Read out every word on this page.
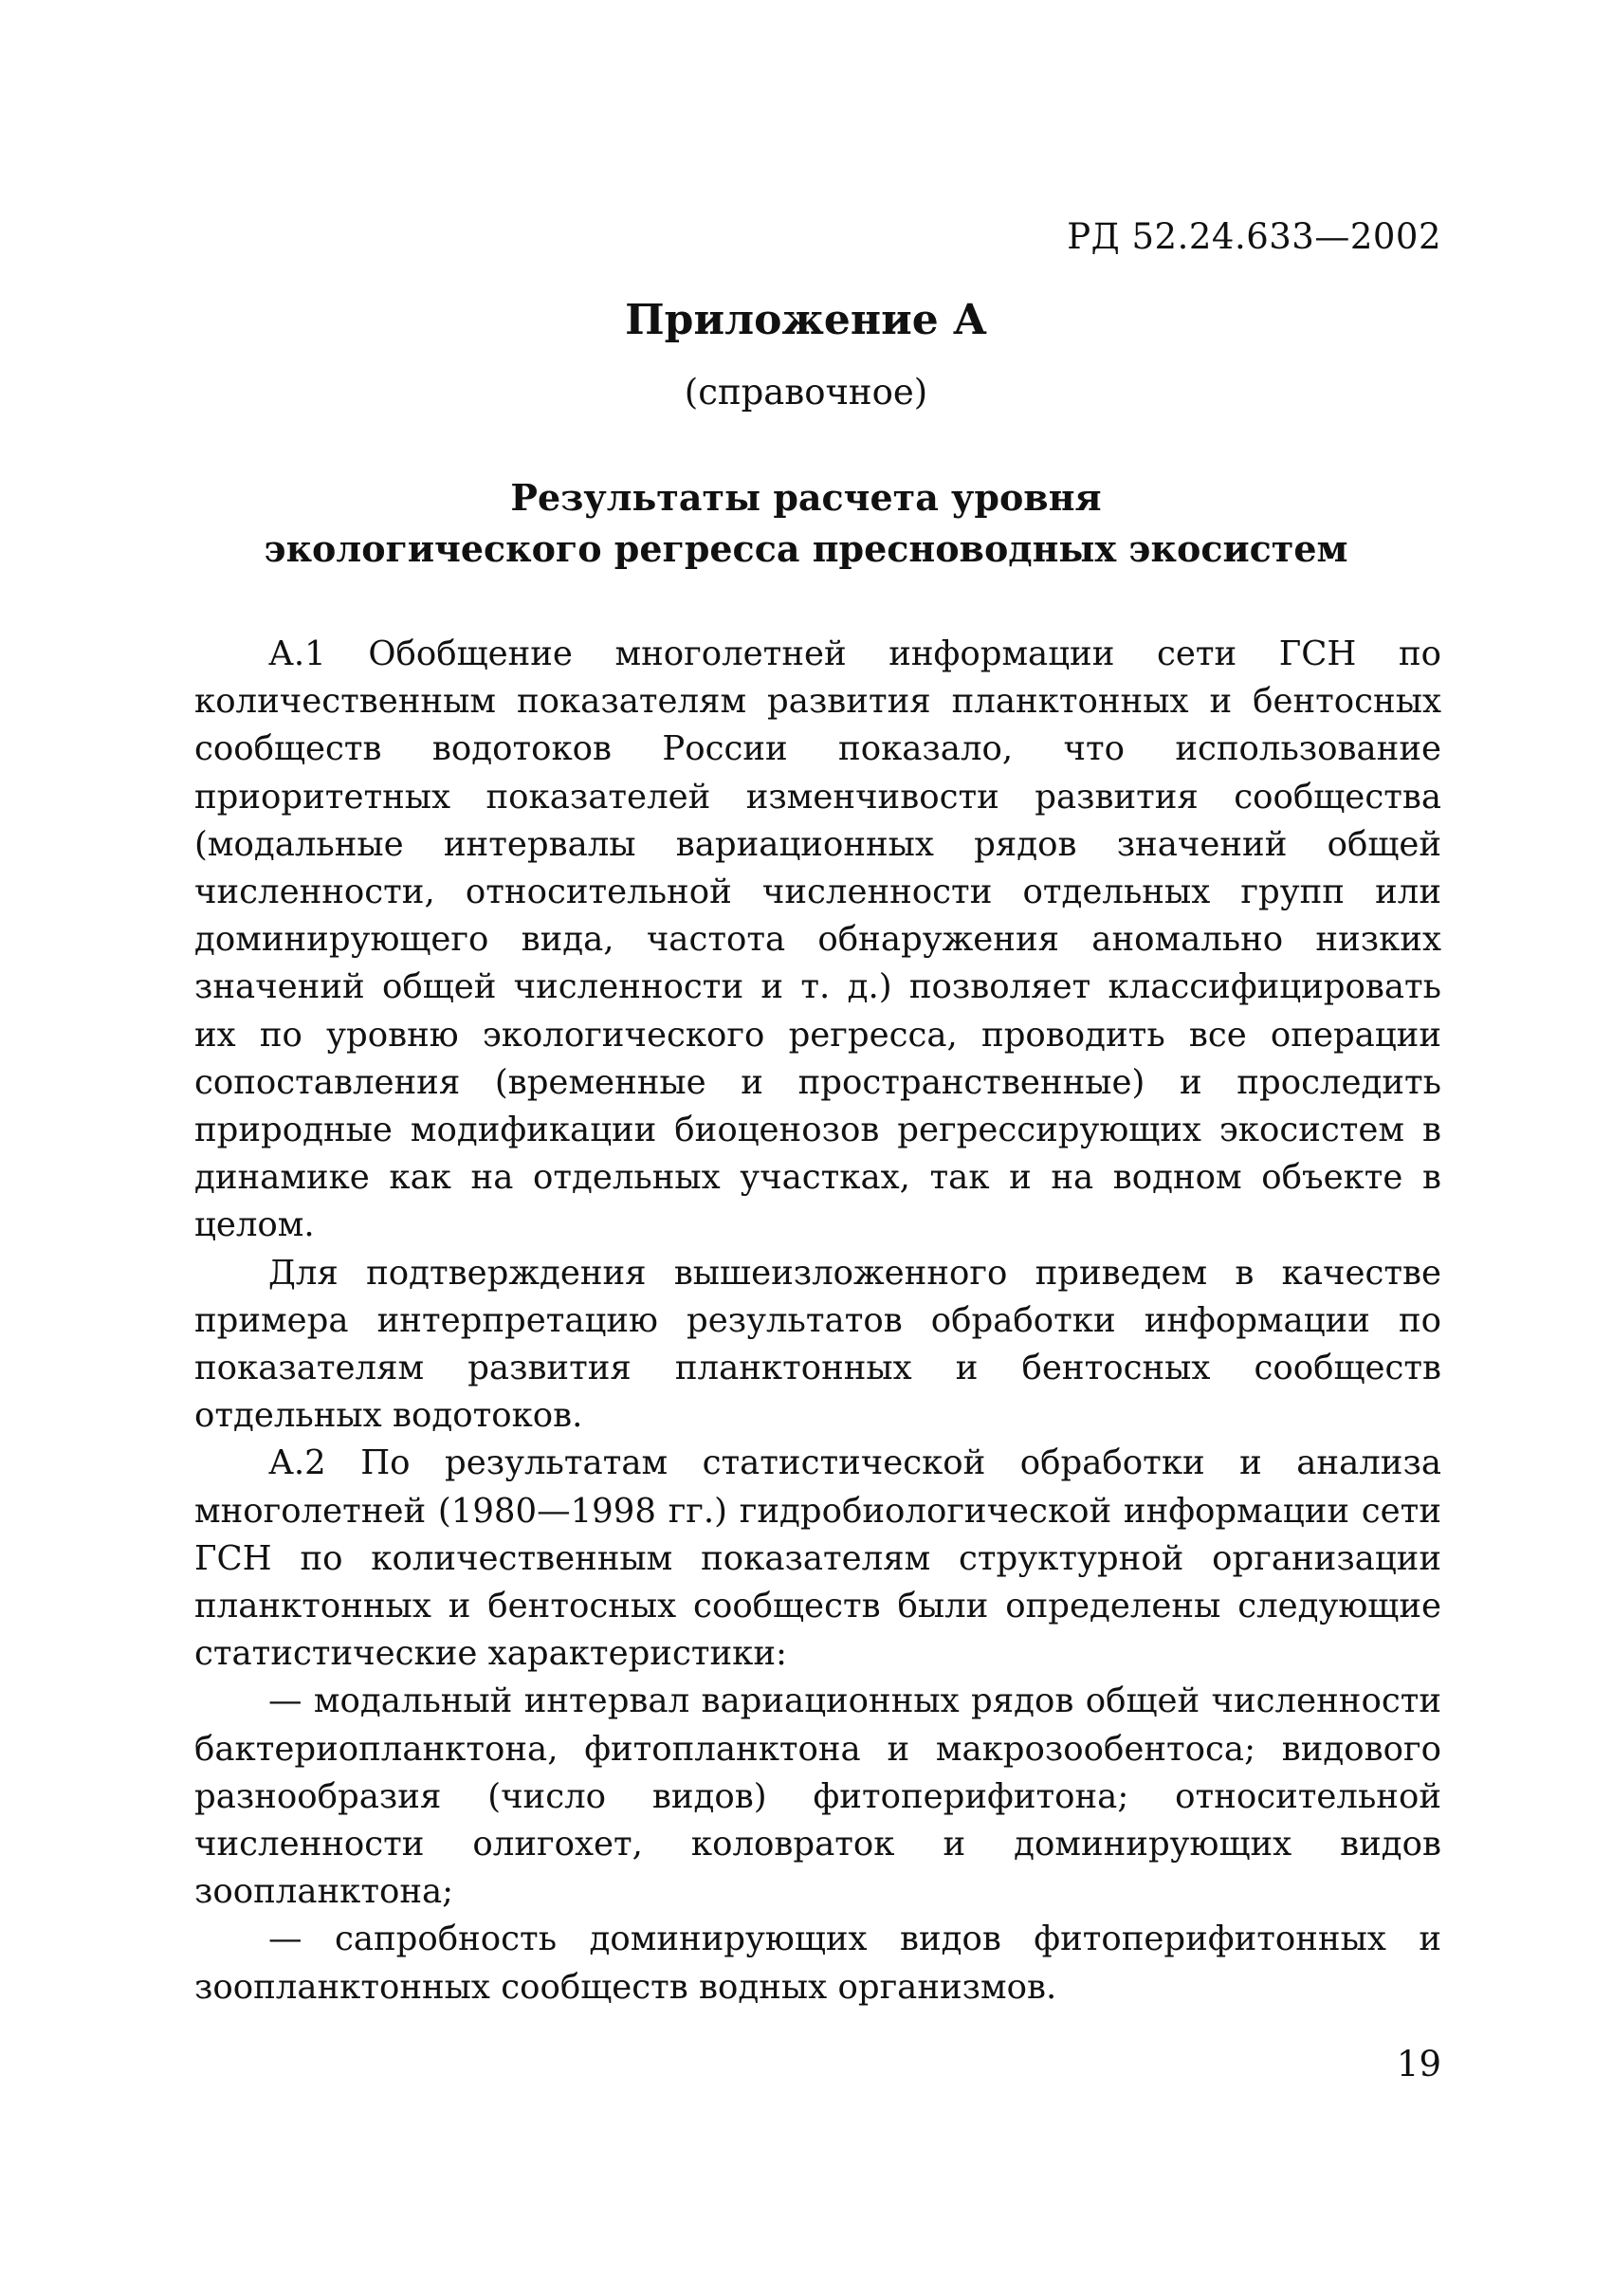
РД 52.24.633—2002
Приложение А
(справочное)
Результаты расчета уровня
экологического регресса пресноводных экосистем

А.1 Обобщение многолетней информации сети ГСН по количественным показателям развития планктонных и бентосных сообществ водотоков России показало, что использование приоритетных показателей изменчивости развития сообщества (модальные интервалы вариационных рядов значений общей численности, относительной численности отдельных групп или доминирующего вида, частота обнаружения аномально низких значений общей численности и т. д.) позволяет классифицировать их по уровню экологического регресса, проводить все операции сопоставления (временные и пространственные) и проследить природные модификации биоценозов регрессирующих экосистем в динамике как на отдельных участках, так и на водном объекте в целом.

Для подтверждения вышеизложенного приведем в качестве примера интерпретацию результатов обработки информации по показателям развития планктонных и бентосных сообществ отдельных водотоков.

А.2 По результатам статистической обработки и анализа многолетней (1980—1998 гг.) гидробиологической информации сети ГСН по количественным показателям структурной организации планктонных и бентосных сообществ были определены следующие статистические характеристики:

— модальный интервал вариационных рядов общей численности бактериопланктона, фитопланктона и макрозообентоса; видового разнообразия (число видов) фитоперифитона; относительной численности олигохет, коловраток и доминирующих видов зоопланктона;

— сапробность доминирующих видов фитоперифитонных и зоопланктонных сообществ водных организмов.

19
